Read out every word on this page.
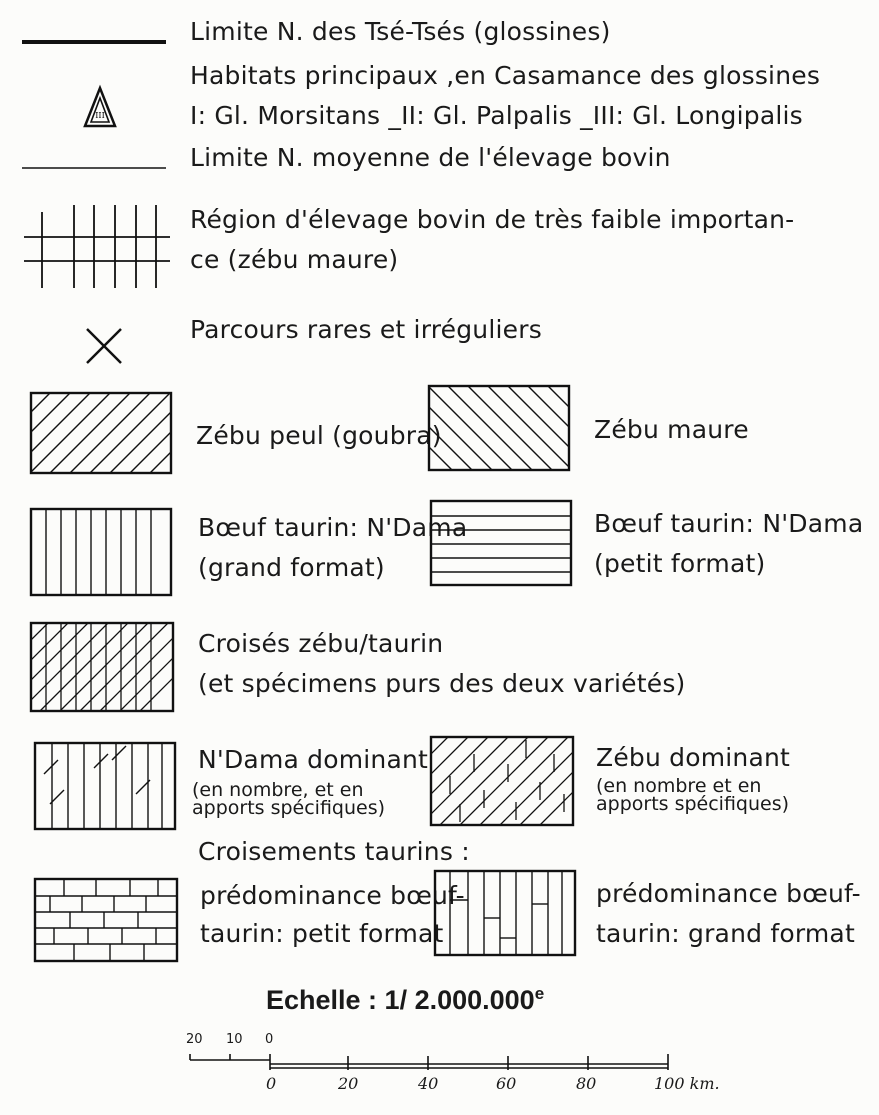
Limite N. des Tsé-Tsés (glossines)
III
Habitats principaux ,en Casamance des glossines
I: Gl. Morsitans _II: Gl. Palpalis _III: Gl. Longipalis
Limite N. moyenne de l'élevage bovin
Région d'élevage bovin de très faible importan-
ce (zébu maure)
Parcours rares et irréguliers
Zébu peul (goubra)	Zébu maure
Bœuf taurin: N'Dama
(grand format)
Bœuf taurin: N'Dama
(petit format)
Croisés zébu/taurin
(et spécimens purs des deux variétés)
N'Dama dominant
(en nombre, et en
apports spécifiques)
Zébu dominant
(en nombre et en
apports spécifiques)
Croisements taurins :
prédominance bœuf-
taurin: petit format
prédominance bœuf-
taurin: grand format
Echelle : 1/ 2.000.000e
20 10 0
0	20	40	60	80	100 km.
